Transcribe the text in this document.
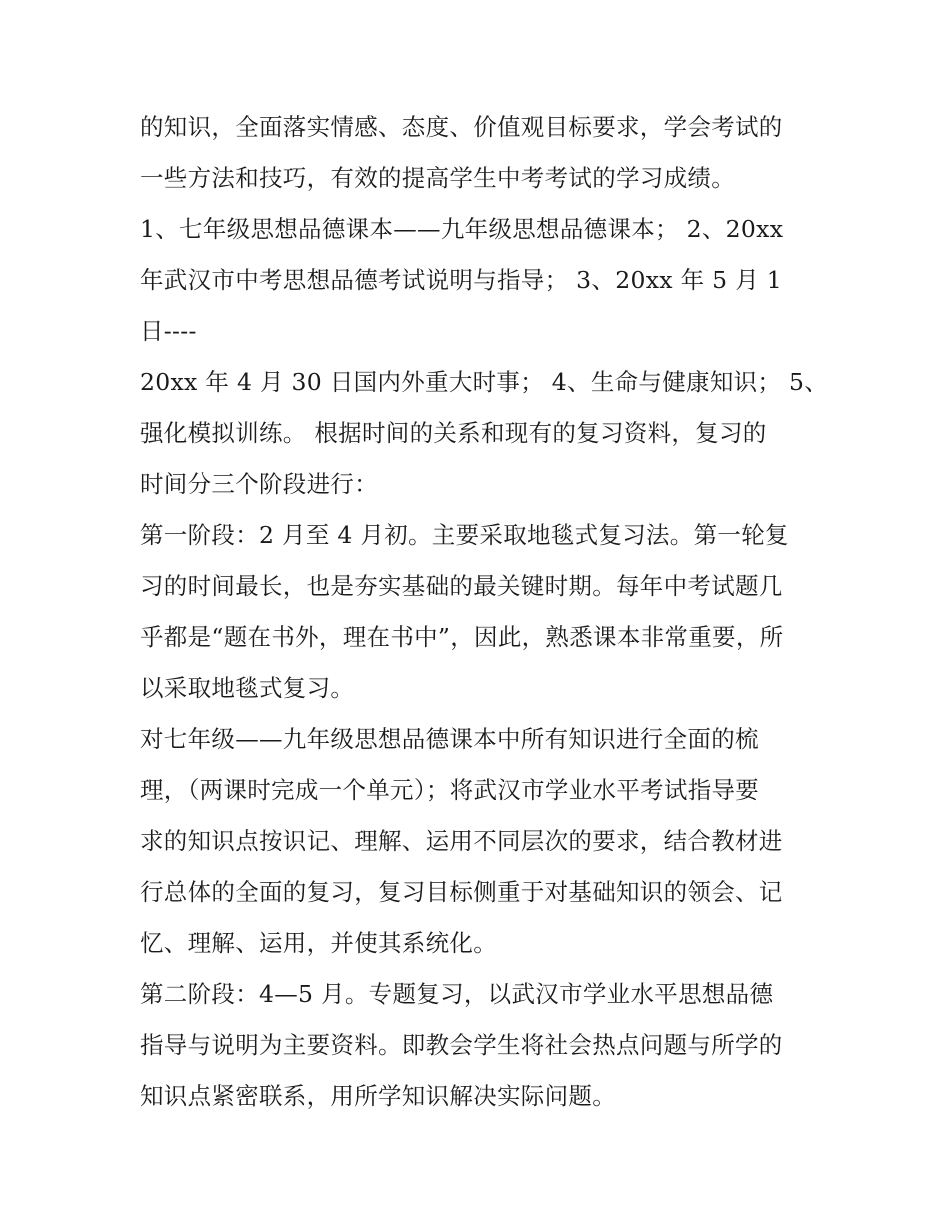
的知识，全面落实情感、态度、价值观目标要求，学会考试的
一些方法和技巧，有效的提高学生中考考试的学习成绩。
1、七年级思想品德课本——九年级思想品德课本； 2、20xx
年武汉市中考思想品德考试说明与指导； 3、20xx 年 5 月 1
日----
20xx 年 4 月 30 日国内外重大时事； 4、生命与健康知识； 5、
强化模拟训练。 根据时间的关系和现有的复习资料，复习的
时间分三个阶段进行：
第一阶段：2 月至 4 月初。主要采取地毯式复习法。第一轮复
习的时间最长，也是夯实基础的最关键时期。每年中考试题几
乎都是“题在书外，理在书中”，因此，熟悉课本非常重要，所
以采取地毯式复习。
对七年级——九年级思想品德课本中所有知识进行全面的梳
理，（两课时完成一个单元）；将武汉市学业水平考试指导要
求的知识点按识记、理解、运用不同层次的要求，结合教材进
行总体的全面的复习，复习目标侧重于对基础知识的领会、记
忆、理解、运用，并使其系统化。
第二阶段：4—5 月。专题复习，以武汉市学业水平思想品德
指导与说明为主要资料。即教会学生将社会热点问题与所学的
知识点紧密联系，用所学知识解决实际问题。
